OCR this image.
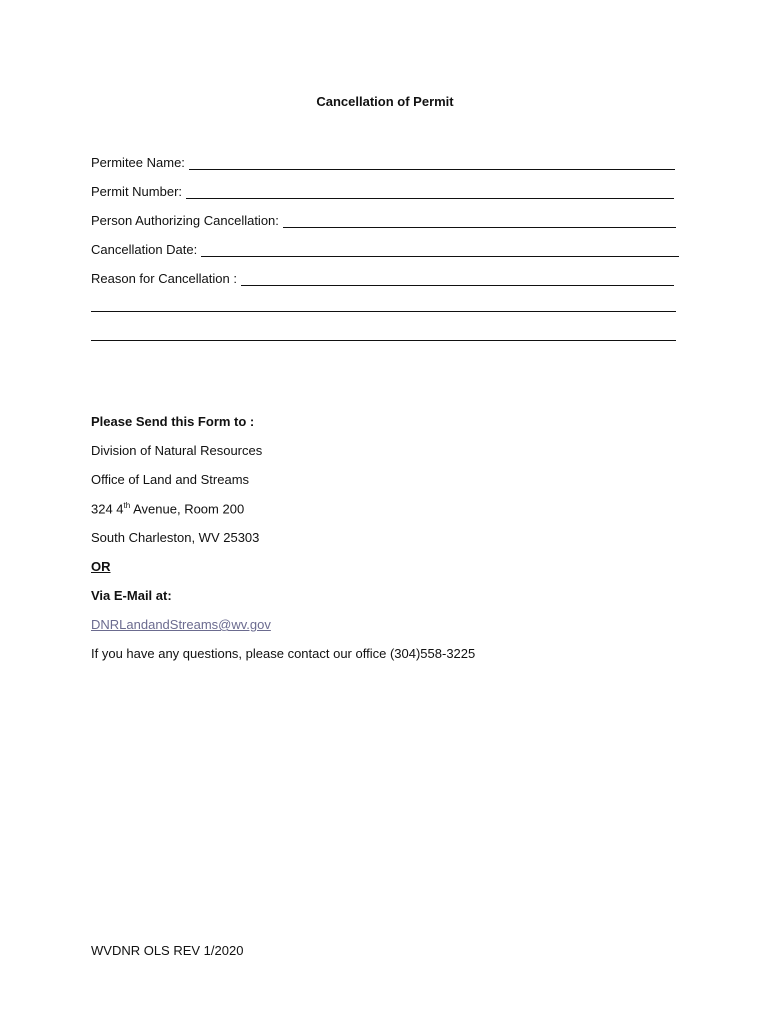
Cancellation of Permit
Permitee Name:
Permit Number:
Person Authorizing Cancellation:
Cancellation Date:
Reason for Cancellation :
Please Send this Form to :
Division of Natural Resources
Office of Land and Streams
324 4th Avenue, Room 200
South Charleston, WV 25303
OR
Via E-Mail at:
DNRLandandStreams@wv.gov
If you have any questions, please contact our office (304)558-3225
WVDNR OLS REV 1/2020
